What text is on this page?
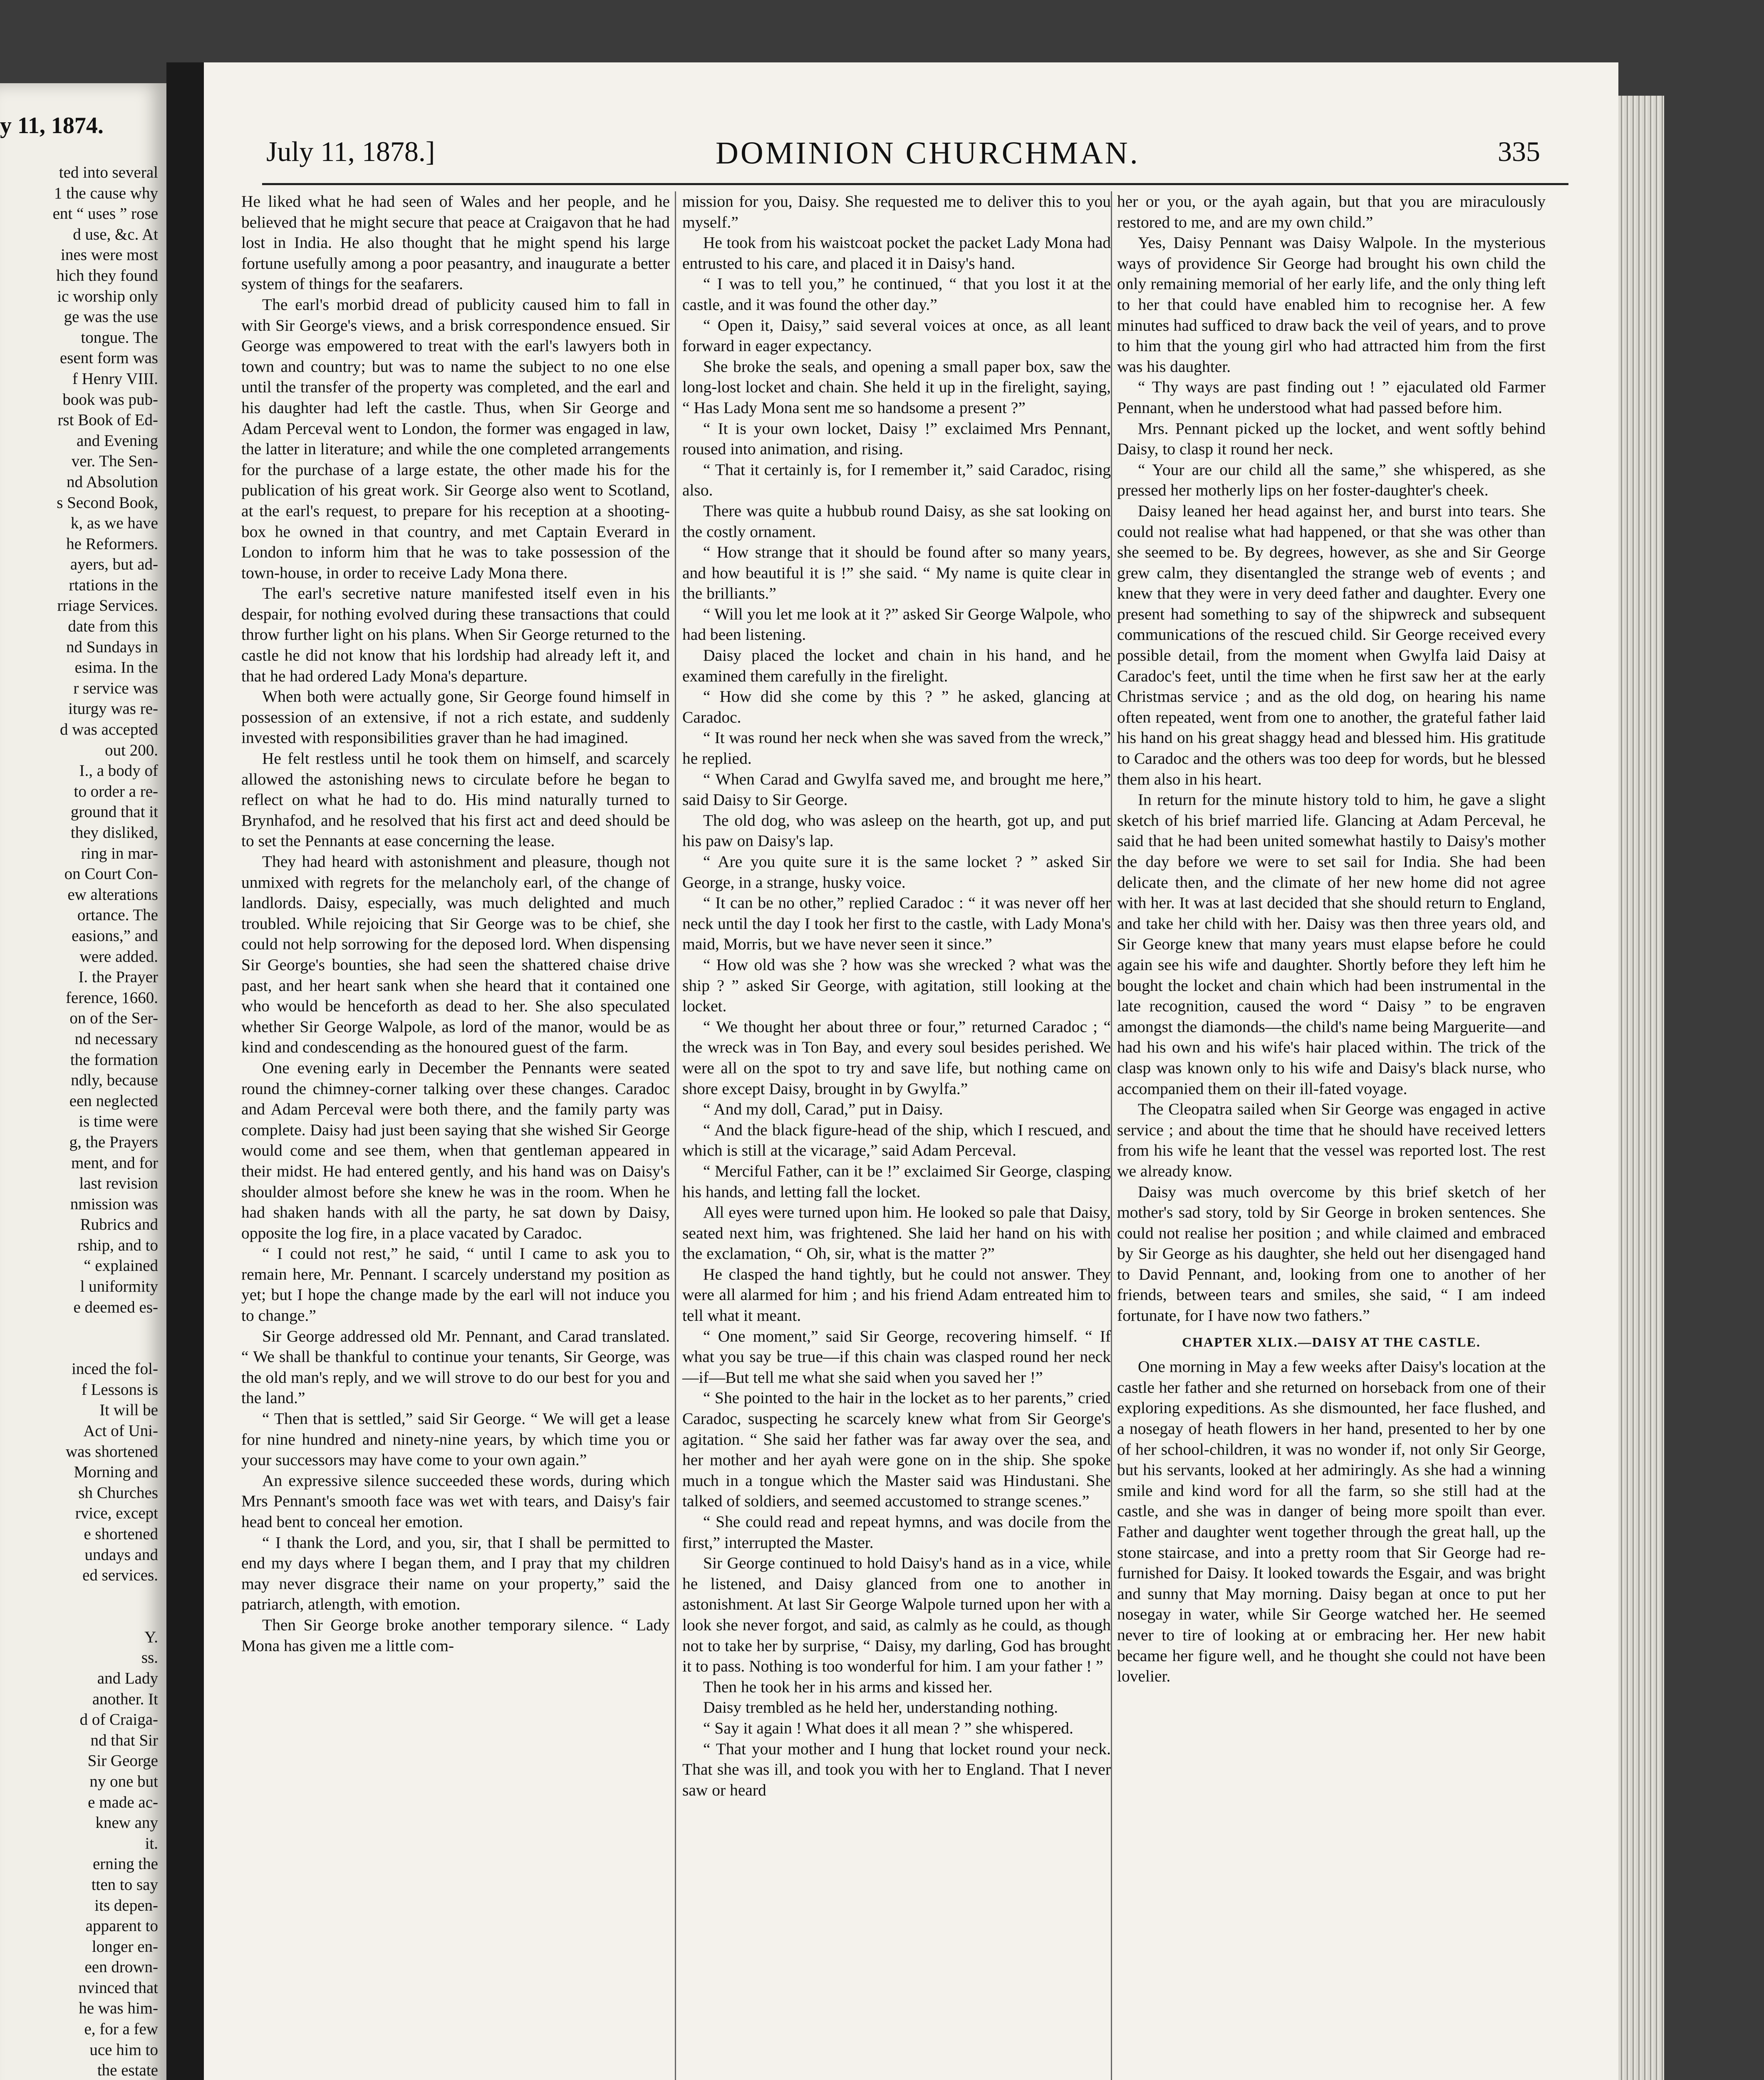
y 11, 1874.
ted into several
1 the cause why
ent “ uses ” rose
d use, &c. At
ines were most
hich they found
ic worship only
ge was the use
tongue. The
esent form was
f Henry VIII.
book was pub-
rst Book of Ed-
and Evening
ver. The Sen-
nd Absolution
s Second Book,
k, as we have
he Reformers.
ayers, but ad-
rtations in the
rriage Services.
date from this
nd Sundays in
esima. In the
r service was
iturgy was re-
d was accepted
out 200.
I., a body of
to order a re-
ground that it
they disliked,
ring in mar-
on Court Con-
ew alterations
ortance. The
easions,” and
were added.
I. the Prayer
ference, 1660.
on of the Ser-
nd necessary
the formation
ndly, because
een neglected
is time were
g, the Prayers
ment, and for
last revision
nmission was
Rubrics and
rship, and to
“ explained
l uniformity
e deemed es-
inced the fol-
f Lessons is
It will be
Act of Uni-
was shortened
Morning and
sh Churches
rvice, except
e shortened
undays and
ed services.
Y.
ss.
and Lady
another. It
d of Craiga-
nd that Sir
Sir George
ny one but
e made ac-
knew any
it.
erning the
tten to say
its depen-
apparent to
longer en-
een drown-
nvinced that
he was him-
e, for a few
uce him to
the estate
July 11, 1878.]	DOMINION CHURCHMAN.	335

He liked what he had seen of Wales and her people, and he believed that he might secure that peace at Craigavon that he had lost in India. He also thought that he might spend his large fortune usefully among a poor peasantry, and inaugurate a better system of things for the seafarers.

The earl's morbid dread of publicity caused him to fall in with Sir George's views, and a brisk correspondence ensued. Sir George was empowered to treat with the earl's lawyers both in town and country; but was to name the subject to no one else until the transfer of the property was completed, and the earl and his daughter had left the castle. Thus, when Sir George and Adam Perceval went to London, the former was engaged in law, the latter in literature; and while the one completed arrangements for the purchase of a large estate, the other made his for the publication of his great work. Sir George also went to Scotland, at the earl's request, to prepare for his reception at a shooting-box he owned in that country, and met Captain Everard in London to inform him that he was to take possession of the town-house, in order to receive Lady Mona there.

The earl's secretive nature manifested itself even in his despair, for nothing evolved during these transactions that could throw further light on his plans. When Sir George returned to the castle he did not know that his lordship had already left it, and that he had ordered Lady Mona's departure.

When both were actually gone, Sir George found himself in possession of an extensive, if not a rich estate, and suddenly invested with responsibilities graver than he had imagined.

He felt restless until he took them on himself, and scarcely allowed the astonishing news to circulate before he began to reflect on what he had to do. His mind naturally turned to Brynhafod, and he resolved that his first act and deed should be to set the Pennants at ease concerning the lease.

They had heard with astonishment and pleasure, though not unmixed with regrets for the melancholy earl, of the change of landlords. Daisy, especially, was much delighted and much troubled. While rejoicing that Sir George was to be chief, she could not help sorrowing for the deposed lord. When dispensing Sir George's bounties, she had seen the shattered chaise drive past, and her heart sank when she heard that it contained one who would be henceforth as dead to her. She also speculated whether Sir George Walpole, as lord of the manor, would be as kind and condescending as the honoured guest of the farm.

One evening early in December the Pennants were seated round the chimney-corner talking over these changes. Caradoc and Adam Perceval were both there, and the family party was complete. Daisy had just been saying that she wished Sir George would come and see them, when that gentleman appeared in their midst. He had entered gently, and his hand was on Daisy's shoulder almost before she knew he was in the room. When he had shaken hands with all the party, he sat down by Daisy, opposite the log fire, in a place vacated by Caradoc.

“ I could not rest,” he said, “ until I came to ask you to remain here, Mr. Pennant. I scarcely understand my position as yet; but I hope the change made by the earl will not induce you to change.”

Sir George addressed old Mr. Pennant, and Carad translated. “ We shall be thankful to continue your tenants, Sir George, was the old man's reply, and we will strove to do our best for you and the land.”

“ Then that is settled,” said Sir George. “ We will get a lease for nine hundred and ninety-nine years, by which time you or your successors may have come to your own again.”

An expressive silence succeeded these words, during which Mrs Pennant's smooth face was wet with tears, and Daisy's fair head bent to conceal her emotion.

“ I thank the Lord, and you, sir, that I shall be permitted to end my days where I began them, and I pray that my children may never disgrace their name on your property,” said the patriarch, atlength, with emotion.

Then Sir George broke another temporary silence. “ Lady Mona has given me a little com-

mission for you, Daisy. She requested me to deliver this to you myself.”

He took from his waistcoat pocket the packet Lady Mona had entrusted to his care, and placed it in Daisy's hand.

“ I was to tell you,” he continued, “ that you lost it at the castle, and it was found the other day.”

“ Open it, Daisy,” said several voices at once, as all leant forward in eager expectancy.

She broke the seals, and opening a small paper box, saw the long-lost locket and chain. She held it up in the firelight, saying, “ Has Lady Mona sent me so handsome a present ?”

“ It is your own locket, Daisy !” exclaimed Mrs Pennant, roused into animation, and rising.

“ That it certainly is, for I remember it,” said Caradoc, rising also.

There was quite a hubbub round Daisy, as she sat looking on the costly ornament.

“ How strange that it should be found after so many years, and how beautiful it is !” she said. “ My name is quite clear in the brilliants.”

“ Will you let me look at it ?” asked Sir George Walpole, who had been listening.

Daisy placed the locket and chain in his hand, and he examined them carefully in the firelight.

“ How did she come by this ? ” he asked, glancing at Caradoc.

“ It was round her neck when she was saved from the wreck,” he replied.

“ When Carad and Gwylfa saved me, and brought me here,” said Daisy to Sir George.

The old dog, who was asleep on the hearth, got up, and put his paw on Daisy's lap.

“ Are you quite sure it is the same locket ? ” asked Sir George, in a strange, husky voice.

“ It can be no other,” replied Caradoc : “ it was never off her neck until the day I took her first to the castle, with Lady Mona's maid, Morris, but we have never seen it since.”

“ How old was she ? how was she wrecked ? what was the ship ? ” asked Sir George, with agitation, still looking at the locket.

“ We thought her about three or four,” returned Caradoc ; “ the wreck was in Ton Bay, and every soul besides perished. We were all on the spot to try and save life, but nothing came on shore except Daisy, brought in by Gwylfa.”

“ And my doll, Carad,” put in Daisy.

“ And the black figure-head of the ship, which I rescued, and which is still at the vicarage,” said Adam Perceval.

“ Merciful Father, can it be !” exclaimed Sir George, clasping his hands, and letting fall the locket.

All eyes were turned upon him. He looked so pale that Daisy, seated next him, was frightened. She laid her hand on his with the exclamation, “ Oh, sir, what is the matter ?”

He clasped the hand tightly, but he could not answer. They were all alarmed for him ; and his friend Adam entreated him to tell what it meant.

“ One moment,” said Sir George, recovering himself. “ If what you say be true—if this chain was clasped round her neck—if—But tell me what she said when you saved her !”

“ She pointed to the hair in the locket as to her parents,” cried Caradoc, suspecting he scarcely knew what from Sir George's agitation. “ She said her father was far away over the sea, and her mother and her ayah were gone on in the ship. She spoke much in a tongue which the Master said was Hindustani. She talked of soldiers, and seemed accustomed to strange scenes.”

“ She could read and repeat hymns, and was docile from the first,” interrupted the Master.

Sir George continued to hold Daisy's hand as in a vice, while he listened, and Daisy glanced from one to another in astonishment. At last Sir George Walpole turned upon her with a look she never forgot, and said, as calmly as he could, as though not to take her by surprise, “ Daisy, my darling, God has brought it to pass. Nothing is too wonderful for him. I am your father ! ”

Then he took her in his arms and kissed her.

Daisy trembled as he held her, understanding nothing.

“ Say it again ! What does it all mean ? ” she whispered.

“ That your mother and I hung that locket round your neck. That she was ill, and took you with her to England. That I never saw or heard

her or you, or the ayah again, but that you are miraculously restored to me, and are my own child.”

Yes, Daisy Pennant was Daisy Walpole. In the mysterious ways of providence Sir George had brought his own child the only remaining memorial of her early life, and the only thing left to her that could have enabled him to recognise her. A few minutes had sufficed to draw back the veil of years, and to prove to him that the young girl who had attracted him from the first was his daughter.

“ Thy ways are past finding out ! ” ejaculated old Farmer Pennant, when he understood what had passed before him.

Mrs. Pennant picked up the locket, and went softly behind Daisy, to clasp it round her neck.

“ Your are our child all the same,” she whispered, as she pressed her motherly lips on her foster-daughter's cheek.

Daisy leaned her head against her, and burst into tears. She could not realise what had happened, or that she was other than she seemed to be. By degrees, however, as she and Sir George grew calm, they disentangled the strange web of events ; and knew that they were in very deed father and daughter. Every one present had something to say of the shipwreck and subsequent communications of the rescued child. Sir George received every possible detail, from the moment when Gwylfa laid Daisy at Caradoc's feet, until the time when he first saw her at the early Christmas service ; and as the old dog, on hearing his name often repeated, went from one to another, the grateful father laid his hand on his great shaggy head and blessed him. His gratitude to Caradoc and the others was too deep for words, but he blessed them also in his heart.

In return for the minute history told to him, he gave a slight sketch of his brief married life. Glancing at Adam Perceval, he said that he had been united somewhat hastily to Daisy's mother the day before we were to set sail for India. She had been delicate then, and the climate of her new home did not agree with her. It was at last decided that she should return to England, and take her child with her. Daisy was then three years old, and Sir George knew that many years must elapse before he could again see his wife and daughter. Shortly before they left him he bought the locket and chain which had been instrumental in the late recognition, caused the word “ Daisy ” to be engraven amongst the diamonds—the child's name being Marguerite—and had his own and his wife's hair placed within. The trick of the clasp was known only to his wife and Daisy's black nurse, who accompanied them on their ill-fated voyage.

The Cleopatra sailed when Sir George was engaged in active service ; and about the time that he should have received letters from his wife he leant that the vessel was reported lost. The rest we already know.

Daisy was much overcome by this brief sketch of her mother's sad story, told by Sir George in broken sentences. She could not realise her position ; and while claimed and embraced by Sir George as his daughter, she held out her disengaged hand to David Pennant, and, looking from one to another of her friends, between tears and smiles, she said, “ I am indeed fortunate, for I have now two fathers.”

CHAPTER XLIX.—DAISY AT THE CASTLE.

One morning in May a few weeks after Daisy's location at the castle her father and she returned on horseback from one of their exploring expeditions. As she dismounted, her face flushed, and a nosegay of heath flowers in her hand, presented to her by one of her school-children, it was no wonder if, not only Sir George, but his servants, looked at her admiringly. As she had a winning smile and kind word for all the farm, so she still had at the castle, and she was in danger of being more spoilt than ever. Father and daughter went together through the great hall, up the stone staircase, and into a pretty room that Sir George had re-furnished for Daisy. It looked towards the Esgair, and was bright and sunny that May morning. Daisy began at once to put her nosegay in water, while Sir George watched her. He seemed never to tire of looking at or embracing her. Her new habit became her figure well, and he thought she could not have been lovelier.
